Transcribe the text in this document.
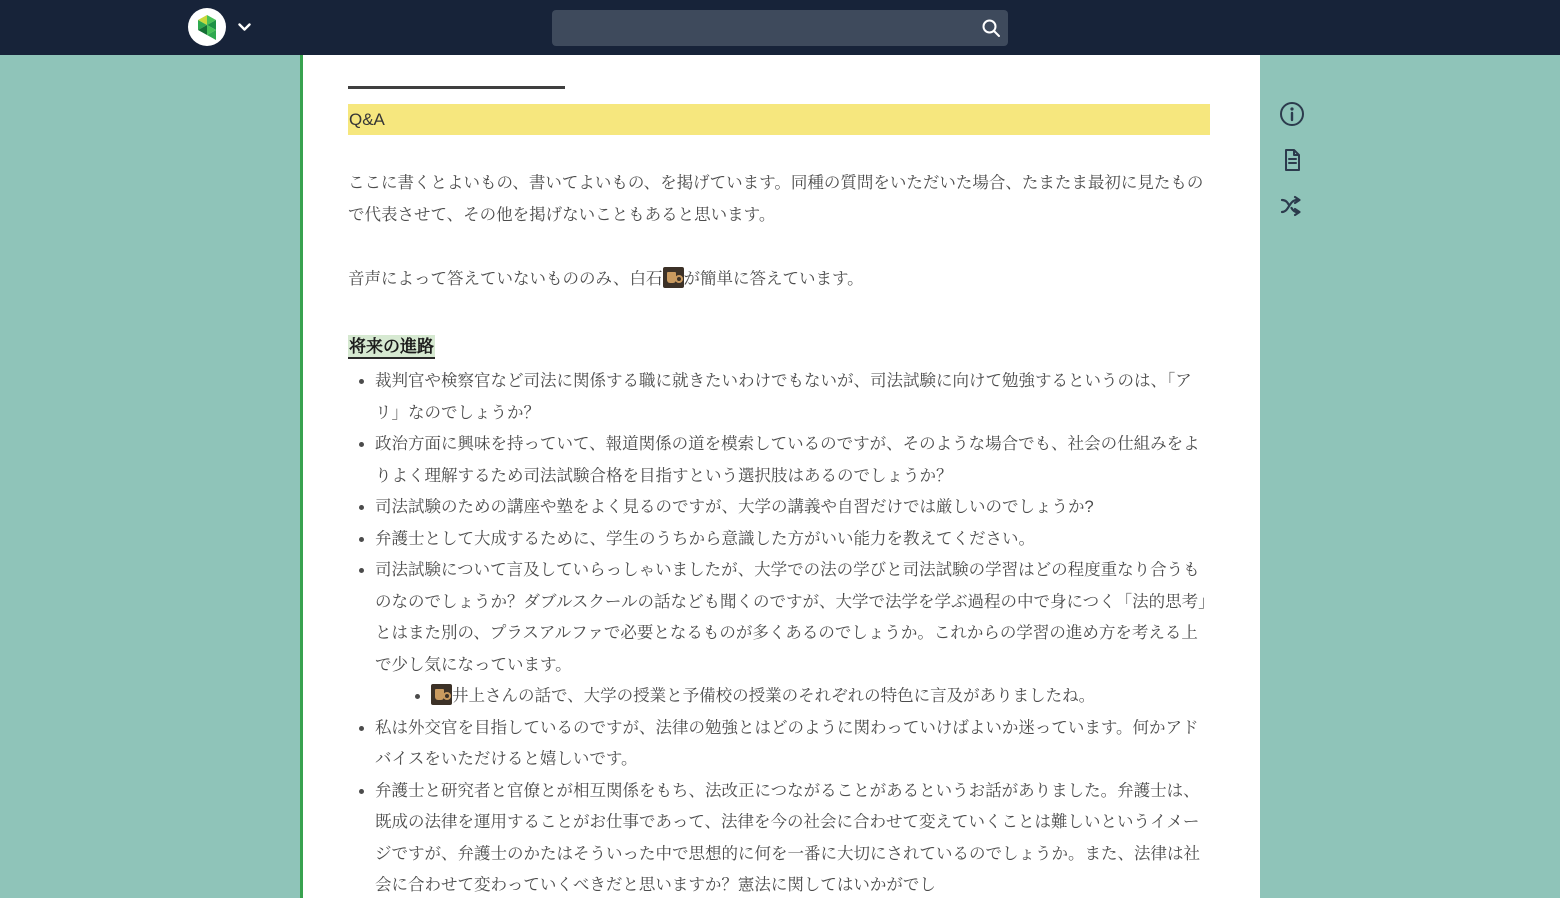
Q&A

ここに書くとよいもの、書いてよいもの、を掲げています。同種の質問をいただいた場合、たまたま最初に見たもので代表させて、その他を掲げないこともあると思います。

音声によって答えていないもののみ、白石 が簡単に答えています。

将来の進路
裁判官や検察官など司法に関係する職に就きたいわけでもないが、司法試験に向けて勉強するというのは、「アリ」なのでしょうか？
政治方面に興味を持っていて、報道関係の道を模索しているのですが、そのような場合でも、社会の仕組みをよりよく理解するため司法試験合格を目指すという選択肢はあるのでしょうか？
司法試験のための講座や塾をよく見るのですが、大学の講義や自習だけでは厳しいのでしょうか?
弁護士として大成するために、学生のうちから意識した方がいい能力を教えてください。
司法試験について言及していらっしゃいましたが、大学での法の学びと司法試験の学習はどの程度重なり合うものなのでしょうか？ダブルスクールの話なども聞くのですが、大学で法学を学ぶ過程の中で身につく「法的思考」とはまた別の、プラスアルファで必要となるものが多くあるのでしょうか。これからの学習の進め方を考える上で少し気になっています。
井上さんの話で、大学の授業と予備校の授業のそれぞれの特色に言及がありましたね。
私は外交官を目指しているのですが、法律の勉強とはどのように関わっていけばよいか迷っています。何かアドバイスをいただけると嬉しいです。
弁護士と研究者と官僚とが相互関係をもち、法改正につながることがあるというお話がありました。弁護士は、既成の法律を運用することがお仕事であって、法律を今の社会に合わせて変えていくことは難しいというイメージですが、弁護士のかたはそういった中で思想的に何を一番に大切にされているのでしょうか。また、法律は社会に合わせて変わっていくべきだと思いますか？憲法に関してはいかがでし
